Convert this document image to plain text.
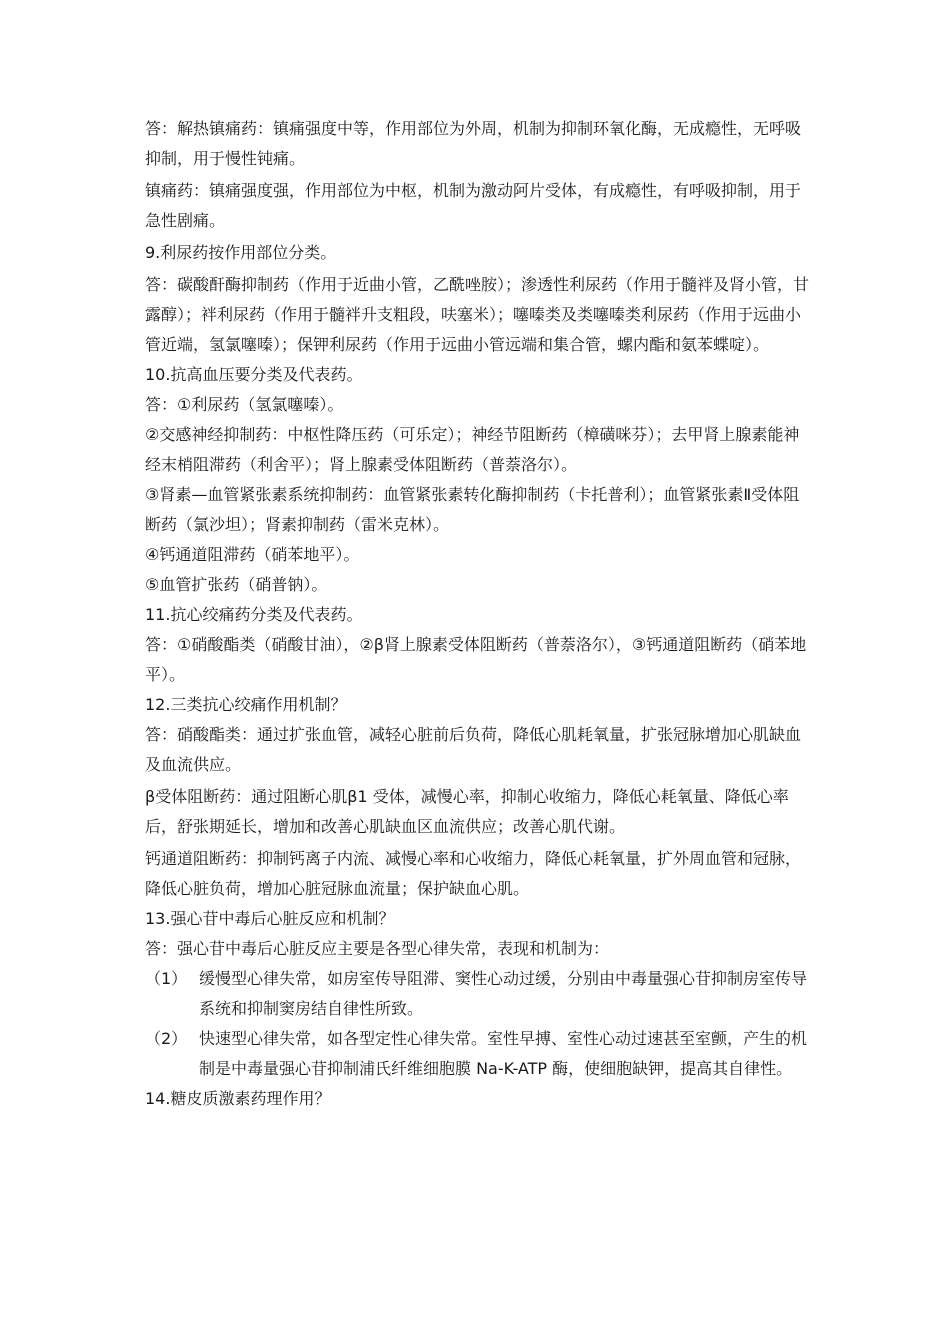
答：解热镇痛药：镇痛强度中等，作用部位为外周，机制为抑制环氧化酶，无成瘾性，无呼吸抑制，用于慢性钝痛。

镇痛药：镇痛强度强，作用部位为中枢，机制为激动阿片受体，有成瘾性，有呼吸抑制，用于急性剧痛。

9.利尿药按作用部位分类。

答：碳酸酐酶抑制药（作用于近曲小管，乙酰唑胺）；渗透性利尿药（作用于髓袢及肾小管，甘露醇）；袢利尿药（作用于髓袢升支粗段，呋塞米）；噻嗪类及类噻嗪类利尿药（作用于远曲小管近端，氢氯噻嗪）；保钾利尿药（作用于远曲小管远端和集合管，螺内酯和氨苯蝶啶）。

10.抗高血压要分类及代表药。

答：①利尿药（氢氯噻嗪）。

②交感神经抑制药：中枢性降压药（可乐定）；神经节阻断药（樟磺咪芬）；去甲肾上腺素能神经末梢阻滞药（利舍平）；肾上腺素受体阻断药（普萘洛尔）。

③肾素—血管紧张素系统抑制药：血管紧张素转化酶抑制药（卡托普利）；血管紧张素Ⅱ受体阻断药（氯沙坦）；肾素抑制药（雷米克林）。

④钙通道阻滞药（硝苯地平）。

⑤血管扩张药（硝普钠）。

11.抗心绞痛药分类及代表药。

答：①硝酸酯类（硝酸甘油），②β肾上腺素受体阻断药（普萘洛尔），③钙通道阻断药（硝苯地平）。

12.三类抗心绞痛作用机制？

答：硝酸酯类：通过扩张血管，减轻心脏前后负荷，降低心肌耗氧量，扩张冠脉增加心肌缺血及血流供应。

β受体阻断药：通过阻断心肌β1 受体，减慢心率，抑制心收缩力，降低心耗氧量、降低心率后，舒张期延长，增加和改善心肌缺血区血流供应；改善心肌代谢。

钙通道阻断药：抑制钙离子内流、减慢心率和心收缩力，降低心耗氧量，扩外周血管和冠脉，降低心脏负荷，增加心脏冠脉血流量；保护缺血心肌。

13.强心苷中毒后心脏反应和机制？

答：强心苷中毒后心脏反应主要是各型心律失常，表现和机制为：

（1） 缓慢型心律失常，如房室传导阻滞、窦性心动过缓，分别由中毒量强心苷抑制房室传导系统和抑制窦房结自律性所致。
（2） 快速型心律失常，如各型定性心律失常。室性早搏、室性心动过速甚至室颤，产生的机制是中毒量强心苷抑制浦氏纤维细胞膜 Na-K-ATP 酶，使细胞缺钾，提高其自律性。

14.糖皮质激素药理作用？
